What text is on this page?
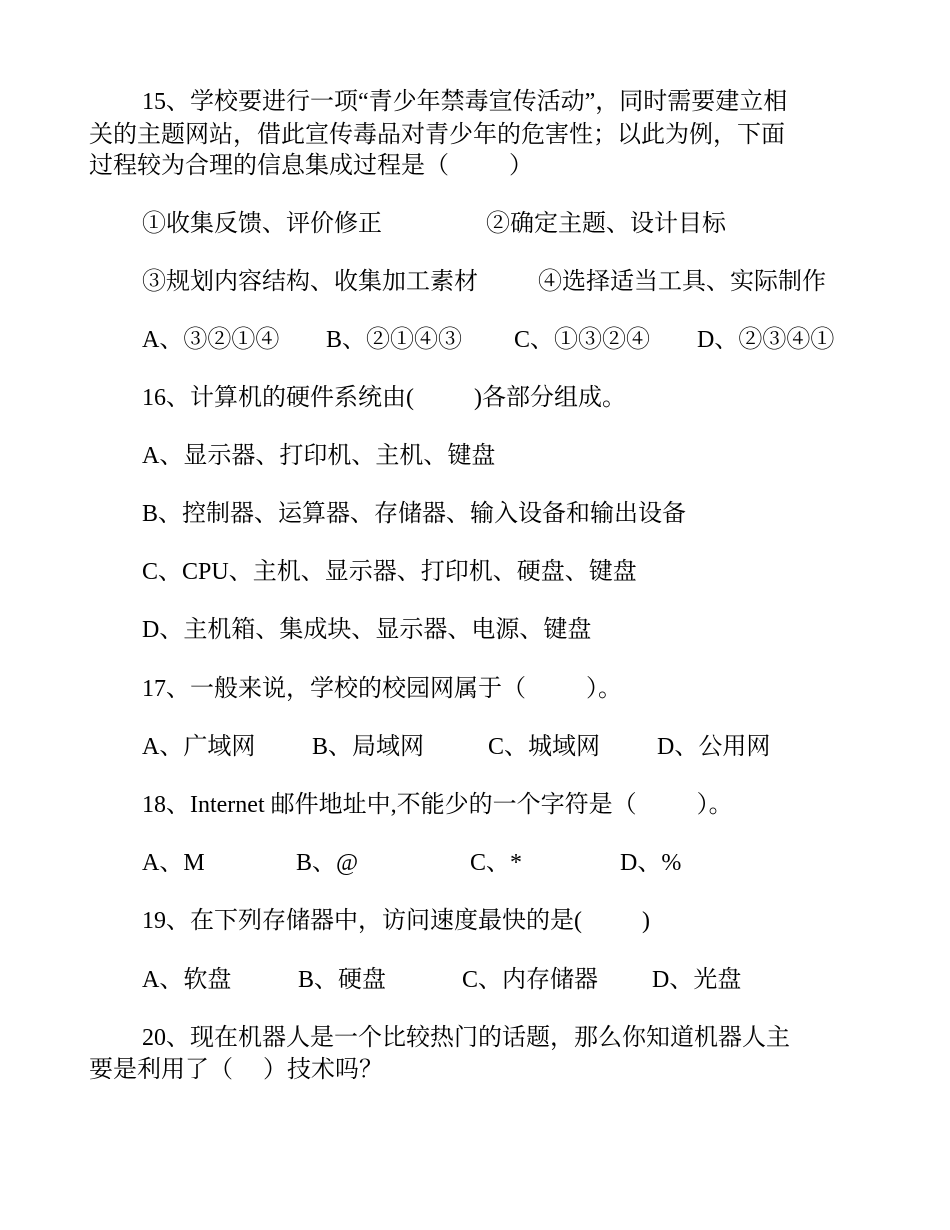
15、学校要进行一项“青少年禁毒宣传活动”，同时需要建立相
关的主题网站，借此宣传毒品对青少年的危害性；以此为例，下面
过程较为合理的信息集成过程是（          ）
①收集反馈、评价修正	②确定主题、设计目标
③规划内容结构、收集加工素材	④选择适当工具、实际制作
A、③②①④ B、②①④③ C、①③②④ D、②③④①
16、计算机的硬件系统由(          )各部分组成。
A、显示器、打印机、主机、键盘
B、控制器、运算器、存储器、输入设备和输出设备
C、CPU、主机、显示器、打印机、硬盘、键盘
D、主机箱、集成块、显示器、电源、键盘
17、一般来说，学校的校园网属于（          ）。
A、广域网 B、局域网	C、城域网 D、公用网
18、Internet 邮件地址中,不能少的一个字符是（          ）。
A、M	B、@	C、*	D、%
19、在下列存储器中，访问速度最快的是(          )
A、软盘	B、硬盘	C、内存储器 D、光盘
20、现在机器人是一个比较热门的话题，那么你知道机器人主
要是利用了（     ）技术吗？
